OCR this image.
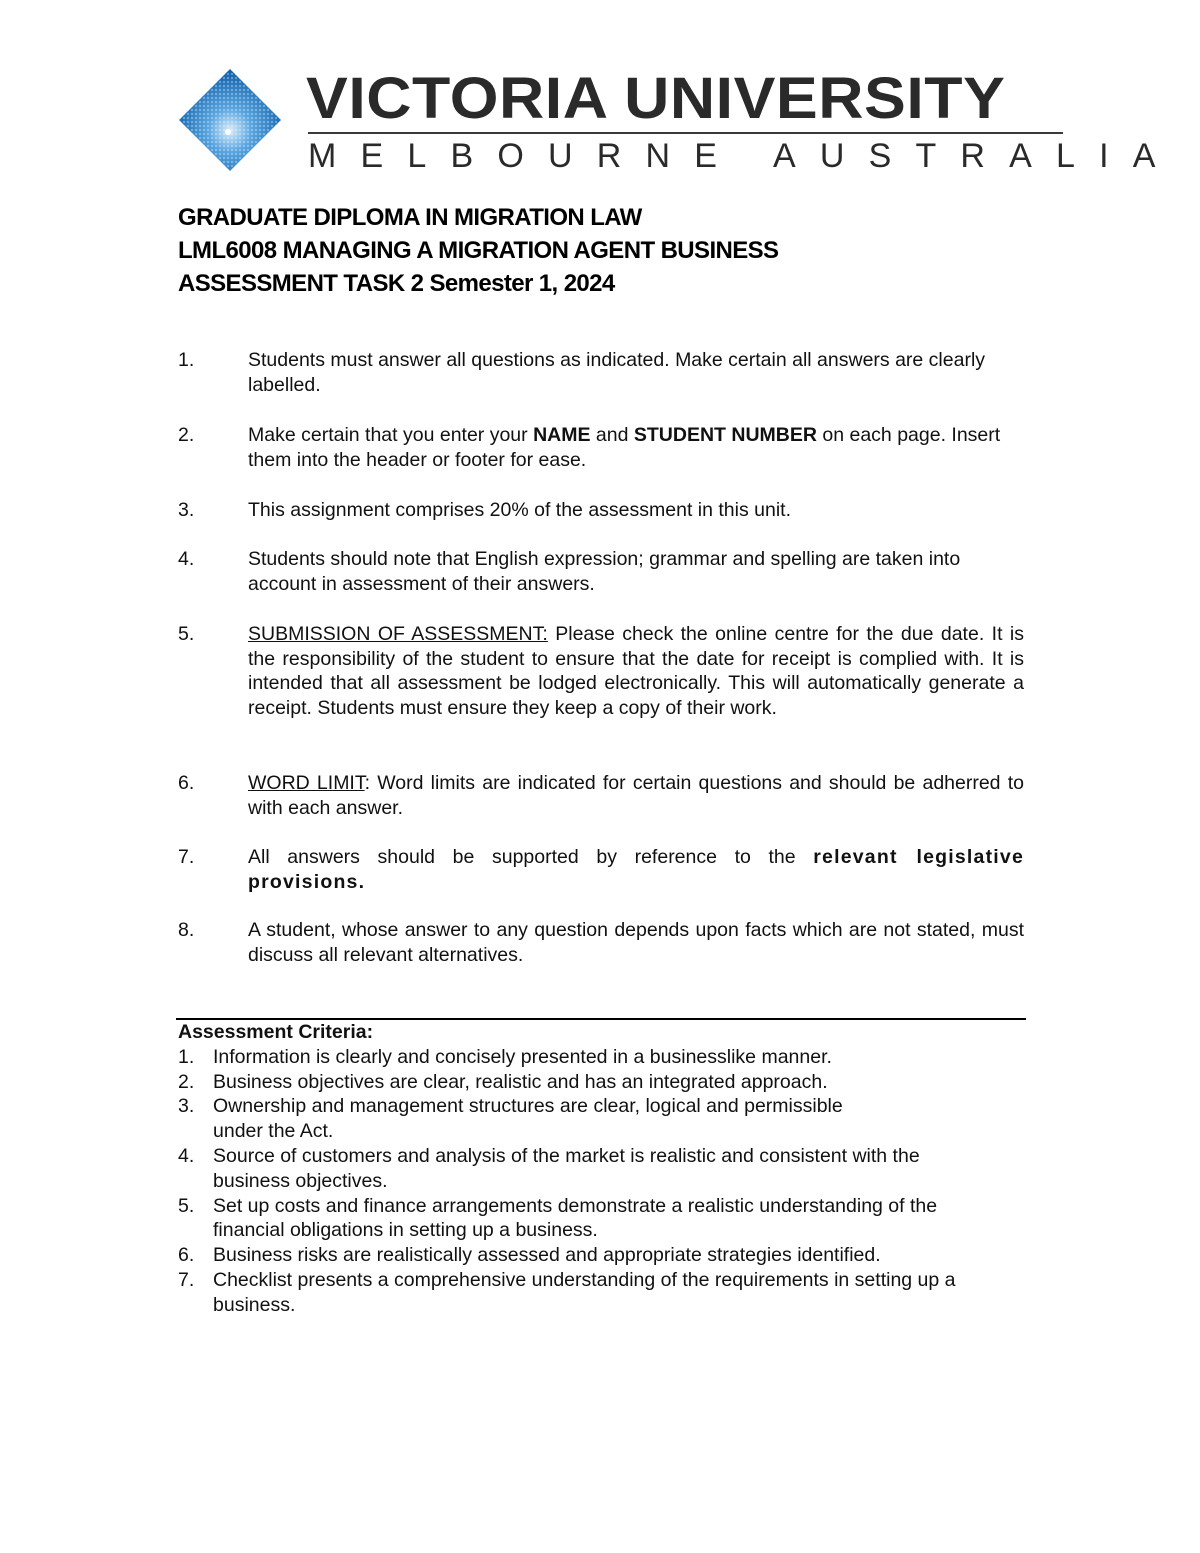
VICTORIA UNIVERSITY
MELBOURNE AUSTRALIA
GRADUATE DIPLOMA IN MIGRATION LAW
LML6008 MANAGING A MIGRATION AGENT BUSINESS
ASSESSMENT TASK 2 Semester 1, 2024
1.	Students must answer all questions as indicated. Make certain all answers are clearly labelled.
2.	Make certain that you enter your NAME and STUDENT NUMBER on each page. Insert them into the header or footer for ease.
3.	This assignment comprises 20% of the assessment in this unit.
4.	Students should note that English expression; grammar and spelling are taken into account in assessment of their answers.
5.	SUBMISSION OF ASSESSMENT: Please check the online centre for the due date. It is the responsibility of the student to ensure that the date for receipt is complied with. It is intended that all assessment be lodged electronically. This will automatically generate a receipt. Students must ensure they keep a copy of their work.
6.	WORD LIMIT: Word limits are indicated for certain questions and should be adherred to with each answer.
7.	All answers should be supported by reference to the relevant legislative provisions.
8.	A student, whose answer to any question depends upon facts which are not stated, must discuss all relevant alternatives.
Assessment Criteria:
1. Information is clearly and concisely presented in a businesslike manner.
2. Business objectives are clear, realistic and has an integrated approach.
3. Ownership and management structures are clear, logical and permissible
under the Act.
4. Source of customers and analysis of the market is realistic and consistent with the business objectives.
5. Set up costs and finance arrangements demonstrate a realistic understanding of the financial obligations in setting up a business.
6. Business risks are realistically assessed and appropriate strategies identified.
7. Checklist presents a comprehensive understanding of the requirements in setting up a business.
